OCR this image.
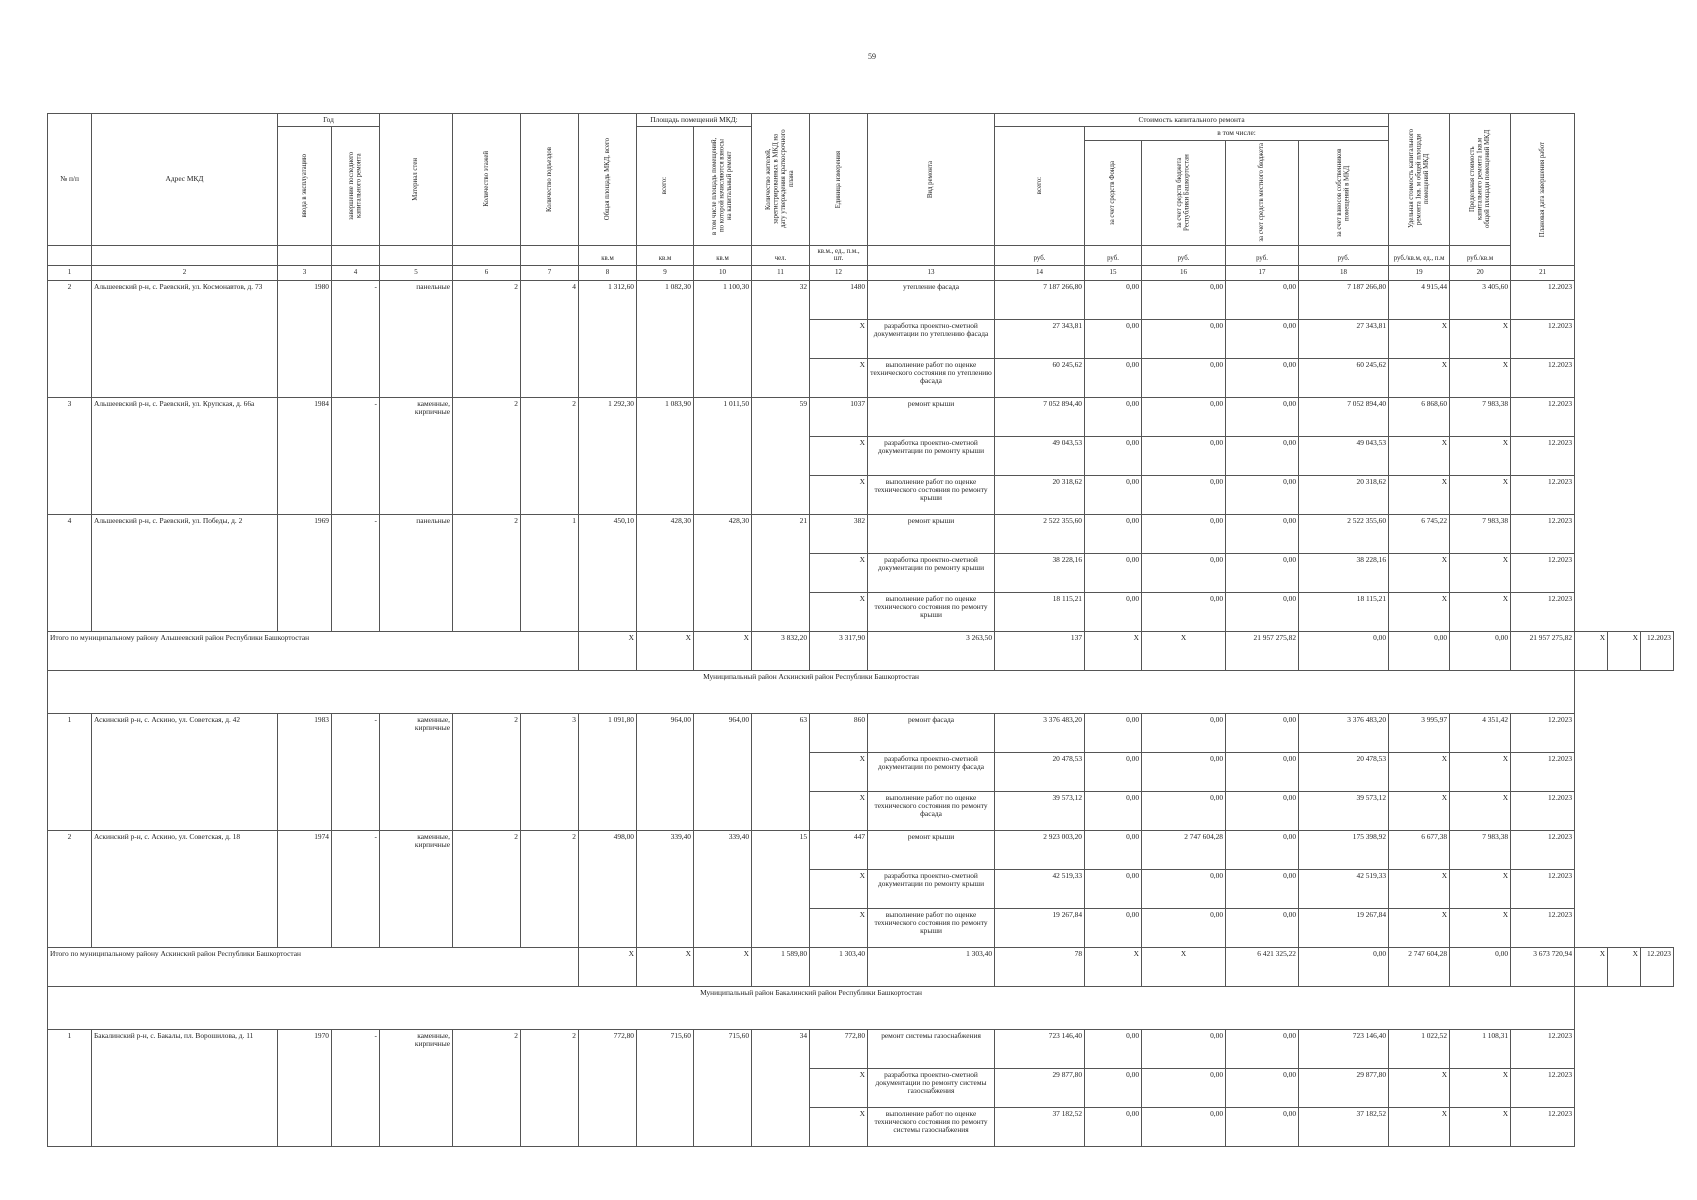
59
№ п/п	Адрес МКД	Год		Материал стен	Количество этажей	Количество подъездов	Общая площадь МКД, всего	Площадь помещений МКД:		Количество жителей, зарегистрированных в МКД на дату утверждения краткосрочного плана	Единица измерения	Вид ремонта	Стоимость капитального ремонта					Удельная стоимость капитального ремонта 1кв. м общей площади помещений МКД	Предельная стоимость капитального ремонта 1кв.м общей площади помещений МКД	Плановая дата завершения работ			

		ввода в эксплуатацию	завершение последнего капитального ремонта					всего:	в том числе площадь помещений, по которой начисляются взносы на капитальный ремонт				всего:	в том числе:									

														за счет средств Фонда	за счет средств бюджета Республики Башкортостан	за счет средств местного бюджета	за счет взносов собственников помещений в МКД						

							кв.м	кв.м	кв.м	чел.	кв.м., ед., п.м., шт.		руб.	руб.	руб.	руб.	руб.	руб./кв.м, ед., п.м	руб./кв.м				
1	2	3	4	5	6	7	8	9	10	11	12	13	14	15	16	17	18	19	20	21			
2	Альшеевский р-н, с. Раевский, ул. Космонавтов, д. 73	1980	-	панельные	2	4	1 312,60	1 082,30	1 100,30	32	1480	утепление фасада	7 187 266,80	0,00	0,00	0,00	7 187 266,80	4 915,44	3 405,60	12.2023			
											X	разработка проектно-сметной документации по утеплению фасада	27 343,81	0,00	0,00	0,00	27 343,81	X	X	12.2023			
											X	выполнение работ по оценке технического состояния по утеплению фасада	60 245,62	0,00	0,00	0,00	60 245,62	X	X	12.2023			
3	Альшеевский р-н, с. Раевский, ул. Крупская, д. 66а	1984	-	каменные, кирпичные	2	2	1 292,30	1 083,90	1 011,50	59	1037	ремонт крыши	7 052 894,40	0,00	0,00	0,00	7 052 894,40	6 868,60	7 983,38	12.2023			
											X	разработка проектно-сметной документации по ремонту крыши	49 043,53	0,00	0,00	0,00	49 043,53	X	X	12.2023			
											X	выполнение работ по оценке технического состояния по ремонту крыши	20 318,62	0,00	0,00	0,00	20 318,62	X	X	12.2023			
4	Альшеевский р-н, с. Раевский, ул. Победы, д. 2	1969	-	панельные	2	1	450,10	428,30	428,30	21	382	ремонт крыши	2 522 355,60	0,00	0,00	0,00	2 522 355,60	6 745,22	7 983,38	12.2023			
											X	разработка проектно-сметной документации по ремонту крыши	38 228,16	0,00	0,00	0,00	38 228,16	X	X	12.2023			
											X	выполнение работ по оценке технического состояния по ремонту крыши	18 115,21	0,00	0,00	0,00	18 115,21	X	X	12.2023			
Итого по муниципальному району Альшеевский район Республики Башкортостан							X	X	X	3 832,20	3 317,90	3 263,50	137	X	X	21 957 275,82	0,00	0,00	0,00	21 957 275,82	X	X	12.2023
Муниципальный район Аскинский район Республики Башкортостан																							
1	Аскинский р-н, с. Аскино, ул. Советская, д. 42	1983	-	каменные, кирпичные	2	3	1 091,80	964,00	964,00	63	860	ремонт фасада	3 376 483,20	0,00	0,00	0,00	3 376 483,20	3 995,97	4 351,42	12.2023			
											X	разработка проектно-сметной документации по ремонту фасада	20 478,53	0,00	0,00	0,00	20 478,53	X	X	12.2023			
											X	выполнение работ по оценке технического состояния по ремонту фасада	39 573,12	0,00	0,00	0,00	39 573,12	X	X	12.2023			
2	Аскинский р-н, с. Аскино, ул. Советская, д. 18	1974	-	каменные, кирпичные	2	2	498,00	339,40	339,40	15	447	ремонт крыши	2 923 003,20	0,00	2 747 604,28	0,00	175 398,92	6 677,38	7 983,38	12.2023			
											X	разработка проектно-сметной документации по ремонту крыши	42 519,33	0,00	0,00	0,00	42 519,33	X	X	12.2023			
											X	выполнение работ по оценке технического состояния по ремонту крыши	19 267,84	0,00	0,00	0,00	19 267,84	X	X	12.2023			
Итого по муниципальному району Аскинский район Республики Башкортостан							X	X	X	1 589,80	1 303,40	1 303,40	78	X	X	6 421 325,22	0,00	2 747 604,28	0,00	3 673 720,94	X	X	12.2023
Муниципальный район Бакалинский район Республики Башкортостан																							
1	Бакалинский р-н, с. Бакалы, пл. Ворошилова, д. 11	1970	-	каменные, кирпичные	2	2	772,80	715,60	715,60	34	772,80	ремонт системы газоснабжения	723 146,40	0,00	0,00	0,00	723 146,40	1 022,52	1 108,31	12.2023			
											X	разработка проектно-сметной документации по ремонту системы газоснабжения	29 877,80	0,00	0,00	0,00	29 877,80	X	X	12.2023			
											X	выполнение работ по оценке технического состояния по ремонту системы газоснабжения	37 182,52	0,00	0,00	0,00	37 182,52	X	X	12.2023			
